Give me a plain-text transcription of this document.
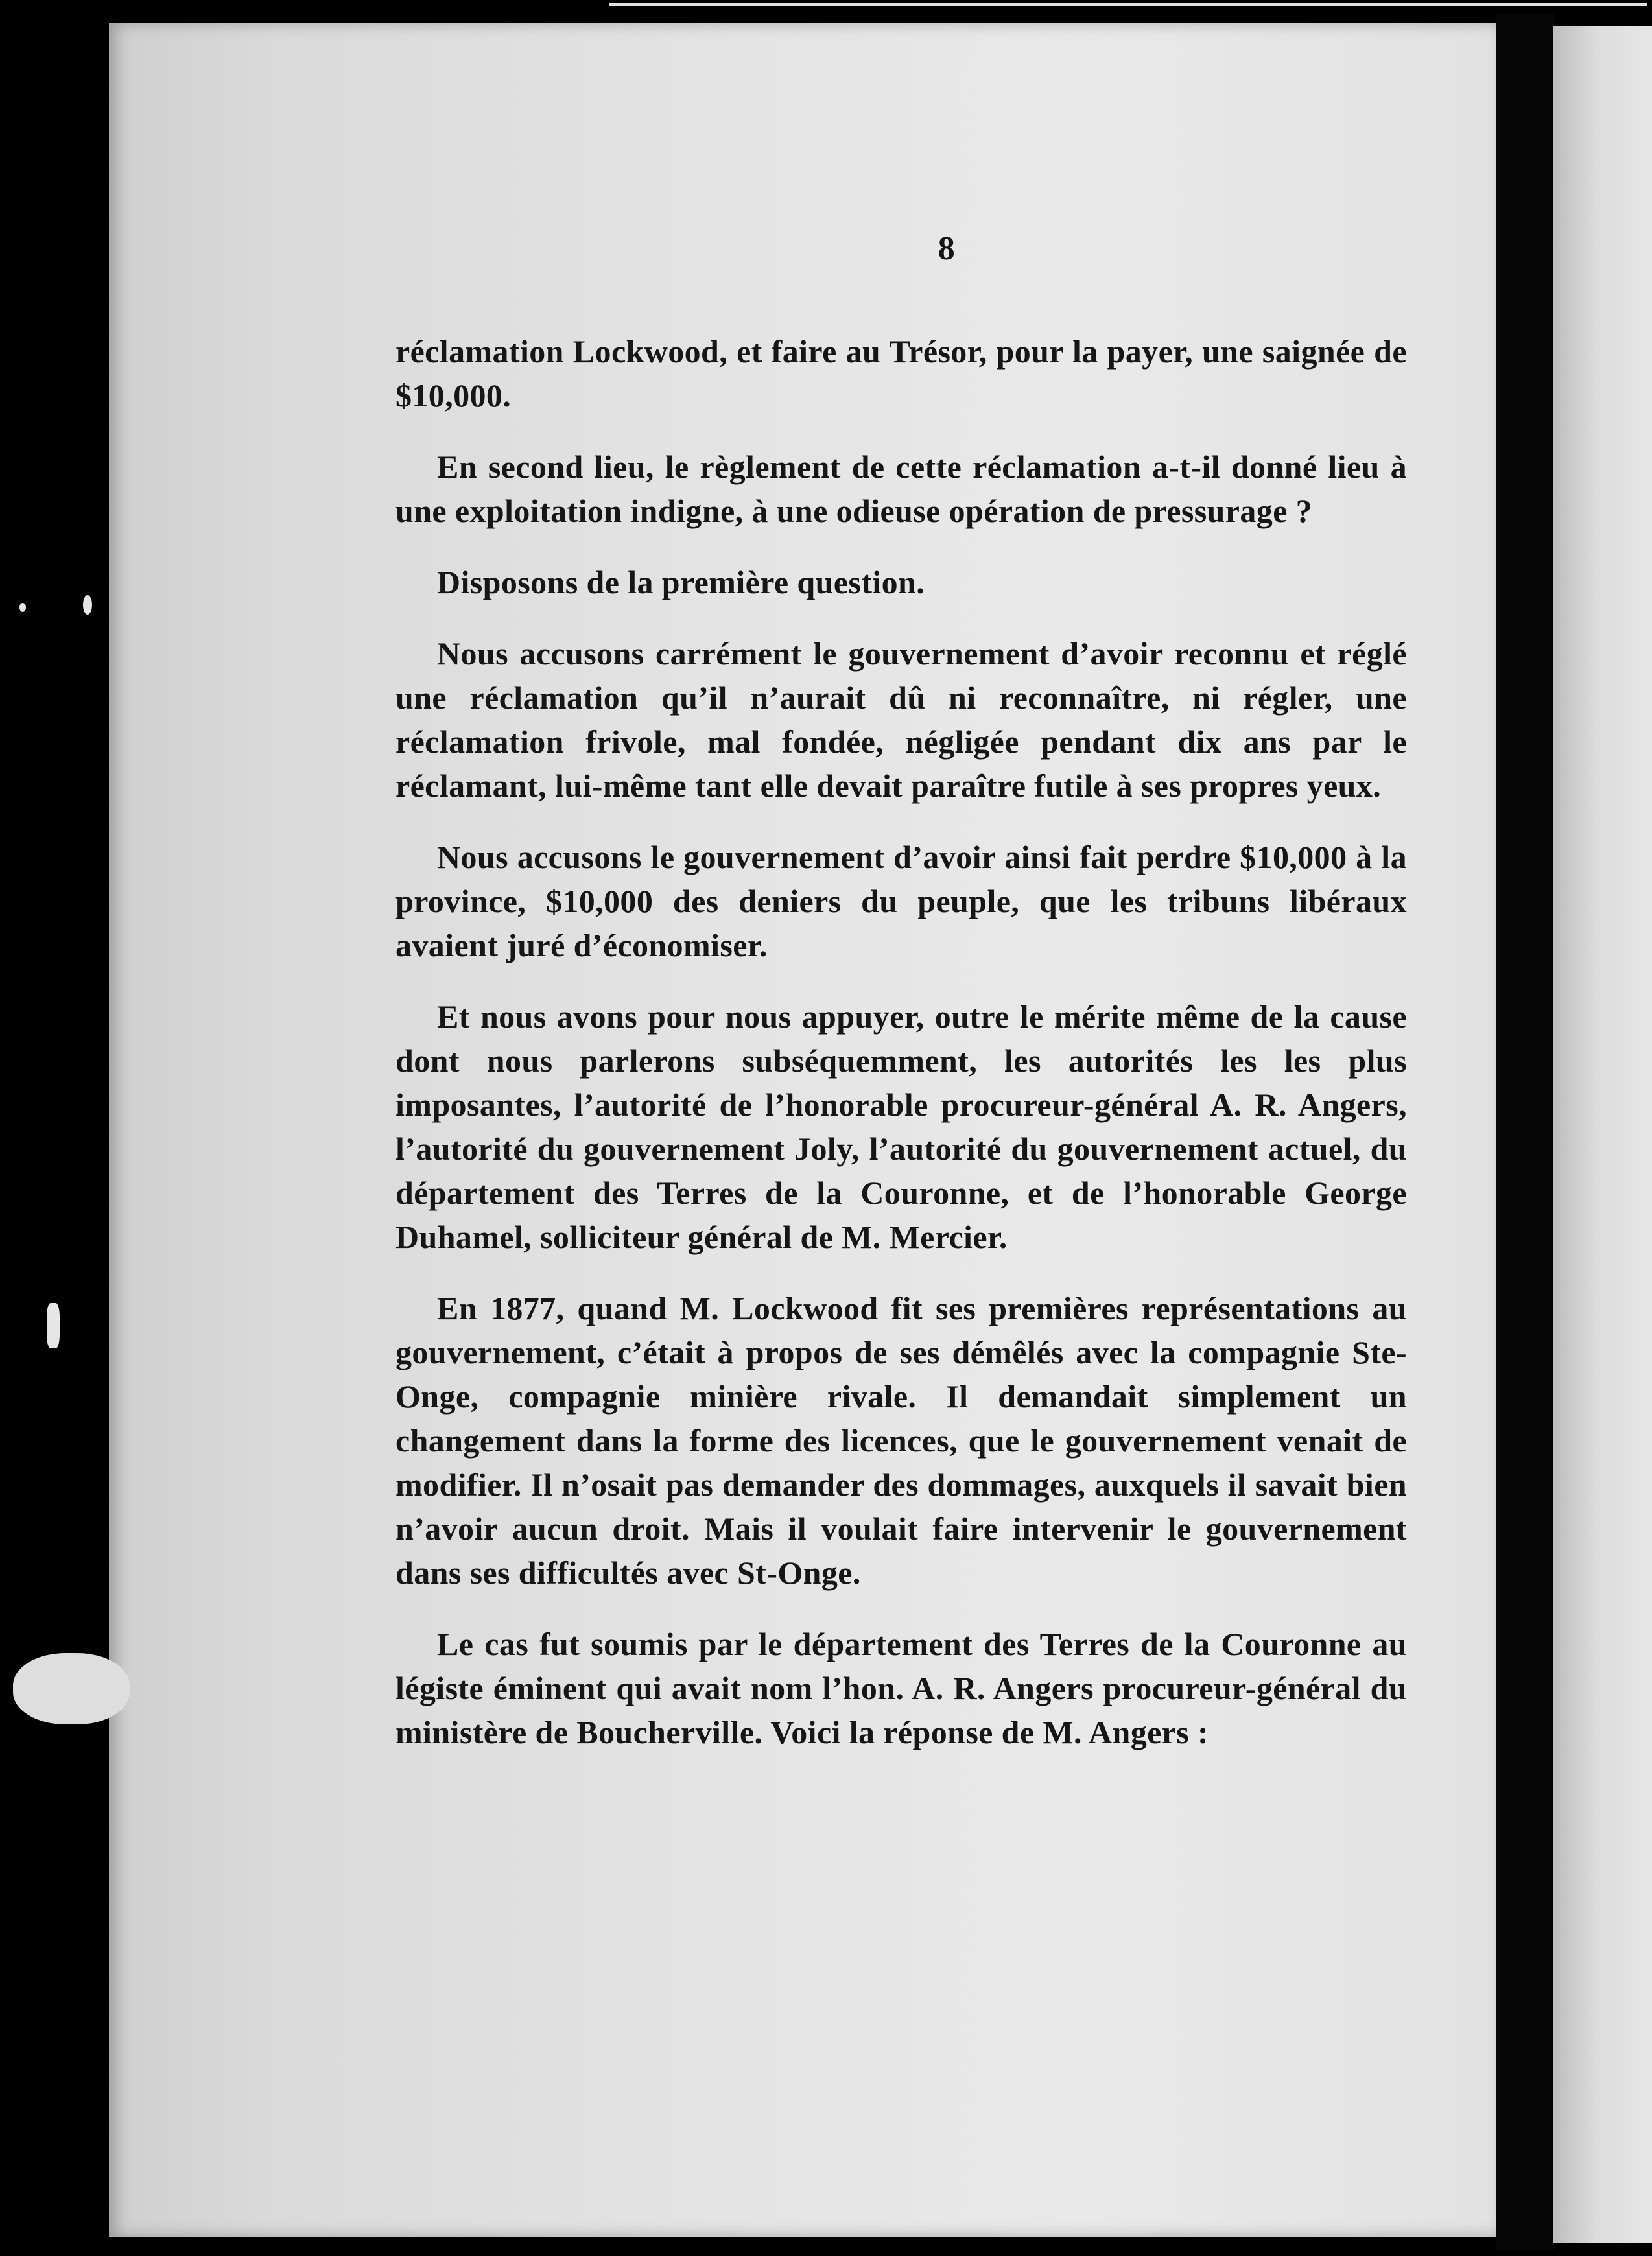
8

réclamation Lockwood, et faire au Trésor, pour la payer, une saignée de $10,000.

En second lieu, le règlement de cette réclamation a-t-il donné lieu à une exploitation indigne, à une odieuse opération de pressurage ?

Disposons de la première question.

Nous accusons carrément le gouvernement d’avoir reconnu et réglé une réclamation qu’il n’aurait dû ni reconnaître, ni régler, une réclamation frivole, mal fondée, négligée pendant dix ans par le réclamant, lui-même tant elle devait paraître futile à ses propres yeux.

Nous accusons le gouvernement d’avoir ainsi fait perdre $10,000 à la province, $10,000 des deniers du peuple, que les tribuns libéraux avaient juré d’économiser.

Et nous avons pour nous appuyer, outre le mérite même de la cause dont nous parlerons subséquemment, les autorités les les plus imposantes, l’autorité de l’honorable procureur-général A. R. Angers, l’autorité du gouvernement Joly, l’autorité du gouvernement actuel, du département des Terres de la Couronne, et de l’honorable George Duhamel, solliciteur général de M. Mercier.

En 1877, quand M. Lockwood fit ses premières représentations au gouvernement, c’était à propos de ses démêlés avec la compagnie Ste-Onge, compagnie minière rivale. Il demandait simplement un changement dans la forme des licences, que le gouvernement venait de modifier. Il n’osait pas demander des dommages, auxquels il savait bien n’avoir aucun droit. Mais il voulait faire intervenir le gouvernement dans ses difficultés avec St-Onge.

Le cas fut soumis par le département des Terres de la Couronne au légiste éminent qui avait nom l’hon. A. R. Angers procureur-général du ministère de Boucherville. Voici la réponse de M. Angers :
